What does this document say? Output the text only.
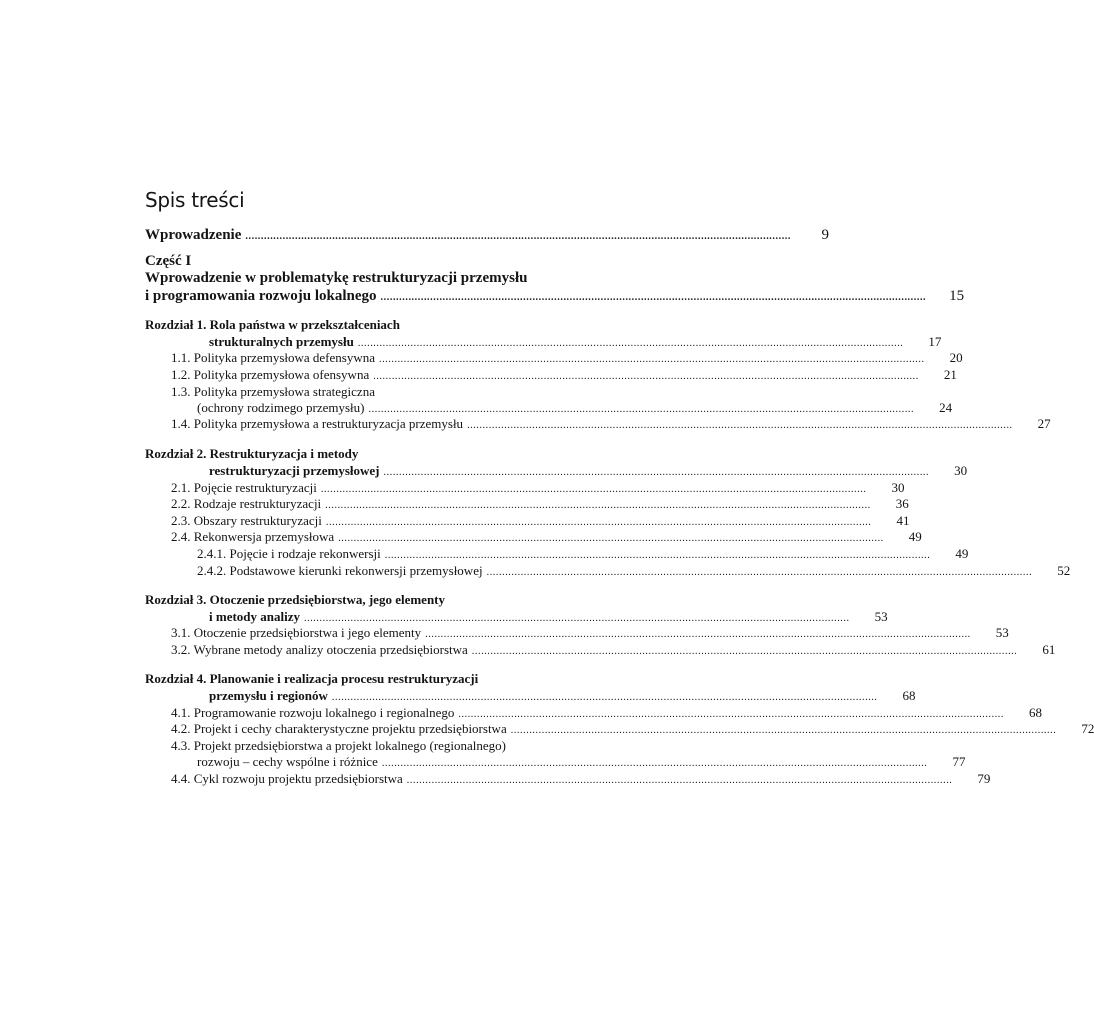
Spis treści
Wprowadzenie ................................................................................................................................................................................	9
Część I
Wprowadzenie w problematykę restrukturyzacji przemysłu
i programowania rozwoju lokalnego ................................................................................................................................................................................	15
Rozdział 1. Rola państwa w przekształceniach
strukturalnych przemysłu ................................................................................................................................................................................	17
1.1. Polityka przemysłowa defensywna ................................................................................................................................................................................	20
1.2. Polityka przemysłowa ofensywna ................................................................................................................................................................................	21
1.3. Polityka przemysłowa strategiczna
(ochrony rodzimego przemysłu) ................................................................................................................................................................................	24
1.4. Polityka przemysłowa a restrukturyzacja przemysłu ................................................................................................................................................................................	27
Rozdział 2. Restrukturyzacja i metody
restrukturyzacji przemysłowej ................................................................................................................................................................................	30
2.1. Pojęcie restrukturyzacji ................................................................................................................................................................................	30
2.2. Rodzaje restrukturyzacji ................................................................................................................................................................................	36
2.3. Obszary restrukturyzacji ................................................................................................................................................................................	41
2.4. Rekonwersja przemysłowa ................................................................................................................................................................................	49
2.4.1. Pojęcie i rodzaje rekonwersji ................................................................................................................................................................................	49
2.4.2. Podstawowe kierunki rekonwersji przemysłowej ................................................................................................................................................................................	52
Rozdział 3. Otoczenie przedsiębiorstwa, jego elementy
i metody analizy ................................................................................................................................................................................	53
3.1. Otoczenie przedsiębiorstwa i jego elementy ................................................................................................................................................................................	53
3.2. Wybrane metody analizy otoczenia przedsiębiorstwa ................................................................................................................................................................................	61
Rozdział 4. Planowanie i realizacja procesu restrukturyzacji
przemysłu i regionów ................................................................................................................................................................................	68
4.1. Programowanie rozwoju lokalnego i regionalnego ................................................................................................................................................................................	68
4.2. Projekt i cechy charakterystyczne projektu przedsiębiorstwa ................................................................................................................................................................................	72
4.3. Projekt przedsiębiorstwa a projekt lokalnego (regionalnego)
rozwoju – cechy wspólne i różnice ................................................................................................................................................................................	77
4.4. Cykl rozwoju projektu przedsiębiorstwa ................................................................................................................................................................................	79
